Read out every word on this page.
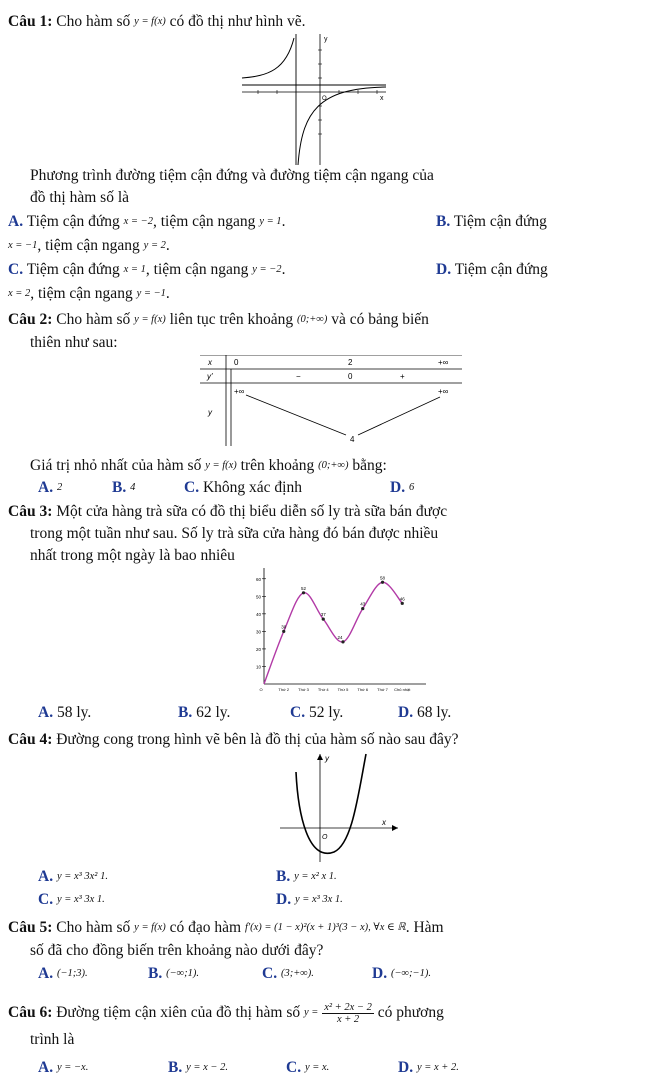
Câu 1: Cho hàm số y = f(x) có đồ thị như hình vẽ.
y
x
O
Phương trình đường tiệm cận đứng và đường tiệm cận ngang của
đồ thị hàm số là
A. Tiệm cận đứng x = −2, tiệm cận ngang y = 1.	B. Tiệm cận đứng
x = −1, tiệm cận ngang y = 2.
C. Tiệm cận đứng x = 1, tiệm cận ngang y = −2.	D. Tiệm cận đứng
x = 2, tiệm cận ngang y = −1.
Câu 2: Cho hàm số y = f(x) liên tục trên khoảng (0;+∞) và có bảng biến
thiên như sau:
x	0	2	+∞
y'	−	0	+
y
+∞	+∞
4
Giá trị nhỏ nhất của hàm số y = f(x) trên khoảng (0;+∞) bằng:
A. 2	B. 4	C. Không xác định	D. 6
Câu 3: Một cửa hàng trà sữa có đồ thị biểu diễn số ly trà sữa bán được
trong một tuần như sau. Số ly trà sữa cửa hàng đó bán được nhiều
nhất trong một ngày là bao nhiêu
10
20
30
40
50
60
O	Thứ 2 Thứ 3 Thứ 4 Thứ 5 Thứ 6 Thứ 7 Chủ nhật
30
52
37
24
43
58
46
A. 58 ly.	B. 62 ly.	C. 52 ly.	D. 68 ly.
Câu 4: Đường cong trong hình vẽ bên là đồ thị của hàm số nào sau đây?
y
x
O
A. y = x³ 3x² 1.	B. y = x² x 1.
C. y = x³ 3x 1.	D. y = x³ 3x 1.
Câu 5: Cho hàm số y = f(x) có đạo hàm f'(x) = (1 − x)²(x + 1)³(3 − x), ∀x ∈ ℝ. Hàm
số đã cho đồng biến trên khoảng nào dưới đây?
A. (−1;3).	B. (−∞;1).	C. (3;+∞).	D. (−∞;−1).
Câu 6: Đường tiệm cận xiên của đồ thị hàm số $y = \frac{\text{x² + 2x − 2}}{x + 2}$ có phương
trình là
A. y = −x.	B. y = x − 2.	C. y = x.	D. y = x + 2.
